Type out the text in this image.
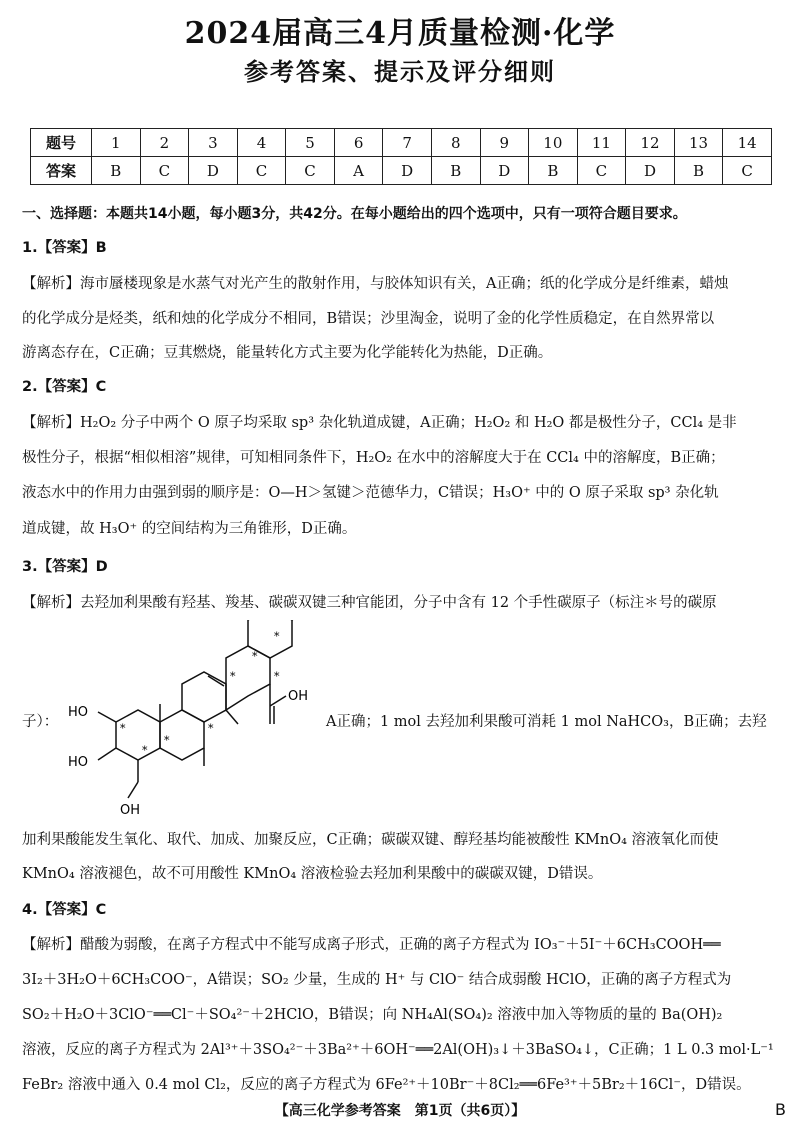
2024届高三4月质量检测·化学
参考答案、提示及评分细则
题号	1	2	3	4	5	6	7	8	9	10	11	12	13	14
答案	B	C	D	C	C	A	D	B	D	B	C	D	B	C
一、选择题：本题共14小题，每小题3分，共42分。在每小题给出的四个选项中，只有一项符合题目要求。
1.【答案】B
【解析】海市蜃楼现象是水蒸气对光产生的散射作用，与胶体知识有关，A正确；纸的化学成分是纤维素，蜡烛
的化学成分是烃类，纸和烛的化学成分不相同，B错误；沙里淘金，说明了金的化学性质稳定，在自然界常以
游离态存在，C正确；豆萁燃烧，能量转化方式主要为化学能转化为热能，D正确。
2.【答案】C
【解析】H₂O₂ 分子中两个 O 原子均采取 sp³ 杂化轨道成键，A正确；H₂O₂ 和 H₂O 都是极性分子，CCl₄ 是非
极性分子，根据“相似相溶”规律，可知相同条件下，H₂O₂ 在水中的溶解度大于在 CCl₄ 中的溶解度，B正确；
液态水中的作用力由强到弱的顺序是：O—H＞氢键＞范德华力，C错误；H₃O⁺ 中的 O 原子采取 sp³ 杂化轨
道成键，故 H₃O⁺ 的空间结构为三角锥形，D正确。
3.【答案】D
【解析】去羟加利果酸有羟基、羧基、碳碳双键三种官能团，分子中含有 12 个手性碳原子（标注＊号的碳原
子）：
OH
HO
HO
OH
*
*
*
*
*
*
*
*
A正确；1 mol 去羟加利果酸可消耗 1 mol NaHCO₃，B正确；去羟
加利果酸能发生氧化、取代、加成、加聚反应，C正确；碳碳双键、醇羟基均能被酸性 KMnO₄ 溶液氧化而使
KMnO₄ 溶液褪色，故不可用酸性 KMnO₄ 溶液检验去羟加利果酸中的碳碳双键，D错误。
4.【答案】C
【解析】醋酸为弱酸，在离子方程式中不能写成离子形式，正确的离子方程式为 IO₃⁻＋5I⁻＋6CH₃COOH══
3I₂＋3H₂O＋6CH₃COO⁻，A错误；SO₂ 少量，生成的 H⁺ 与 ClO⁻ 结合成弱酸 HClO，正确的离子方程式为
SO₂＋H₂O＋3ClO⁻══Cl⁻＋SO₄²⁻＋2HClO，B错误；向 NH₄Al(SO₄)₂ 溶液中加入等物质的量的 Ba(OH)₂
溶液，反应的离子方程式为 2Al³⁺＋3SO₄²⁻＋3Ba²⁺＋6OH⁻══2Al(OH)₃↓＋3BaSO₄↓，C正确；1 L 0.3 mol·L⁻¹
FeBr₂ 溶液中通入 0.4 mol Cl₂，反应的离子方程式为 6Fe²⁺＋10Br⁻＋8Cl₂══6Fe³⁺＋5Br₂＋16Cl⁻，D错误。
【高三化学参考答案　第1页（共6页）】	B
